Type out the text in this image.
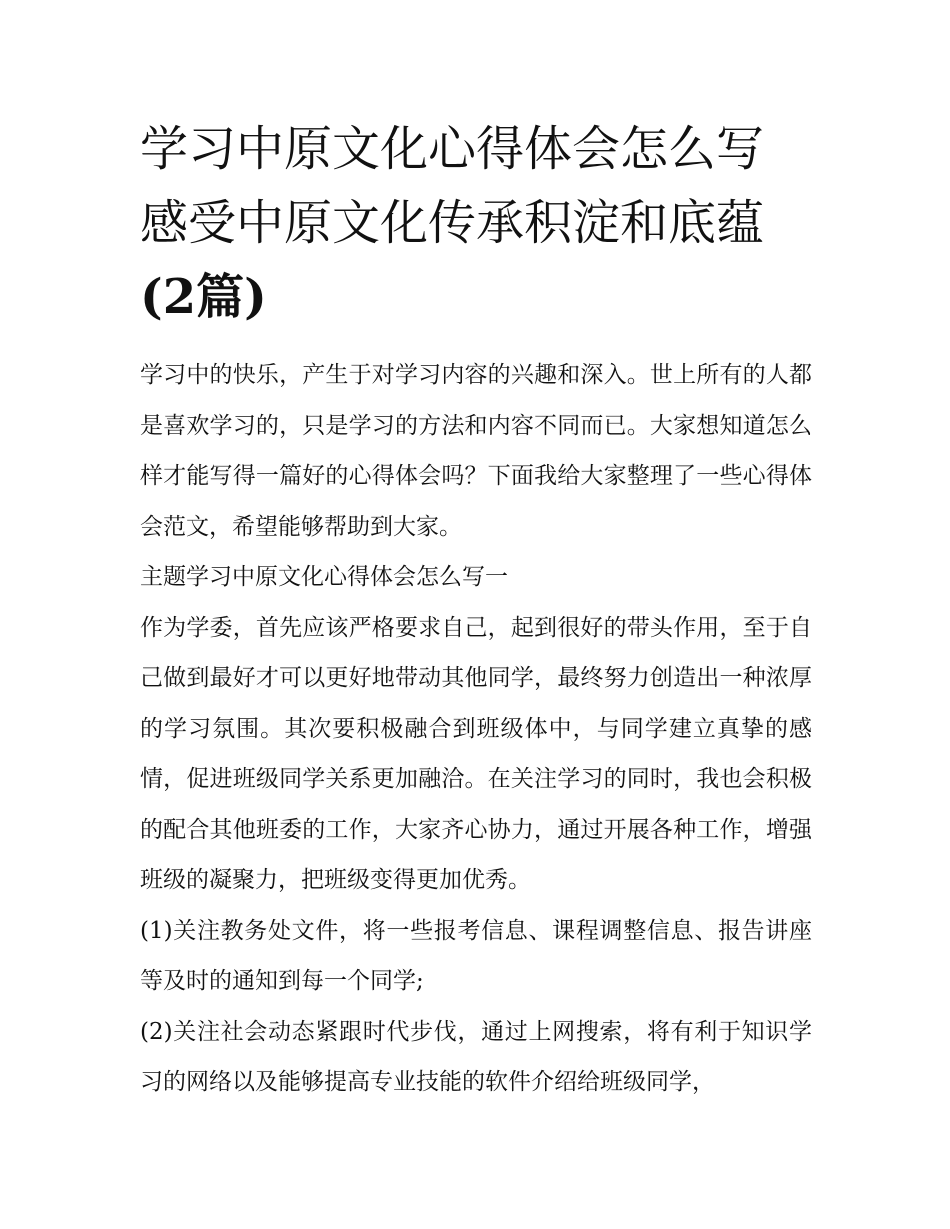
学习中原文化心得体会怎么写
感受中原文化传承积淀和底蕴
(2篇)

学习中的快乐，产生于对学习内容的兴趣和深入。世上所有的人都是喜欢学习的，只是学习的方法和内容不同而已。大家想知道怎么样才能写得一篇好的心得体会吗？下面我给大家整理了一些心得体会范文，希望能够帮助到大家。

主题学习中原文化心得体会怎么写一

作为学委，首先应该严格要求自己，起到很好的带头作用，至于自己做到最好才可以更好地带动其他同学，最终努力创造出一种浓厚的学习氛围。其次要积极融合到班级体中，与同学建立真挚的感情，促进班级同学关系更加融洽。在关注学习的同时，我也会积极的配合其他班委的工作，大家齐心协力，通过开展各种工作，增强班级的凝聚力，把班级变得更加优秀。

(1)关注教务处文件，将一些报考信息、课程调整信息、报告讲座等及时的通知到每一个同学;

(2)关注社会动态紧跟时代步伐，通过上网搜索，将有利于知识学习的网络以及能够提高专业技能的软件介绍给班级同学，
